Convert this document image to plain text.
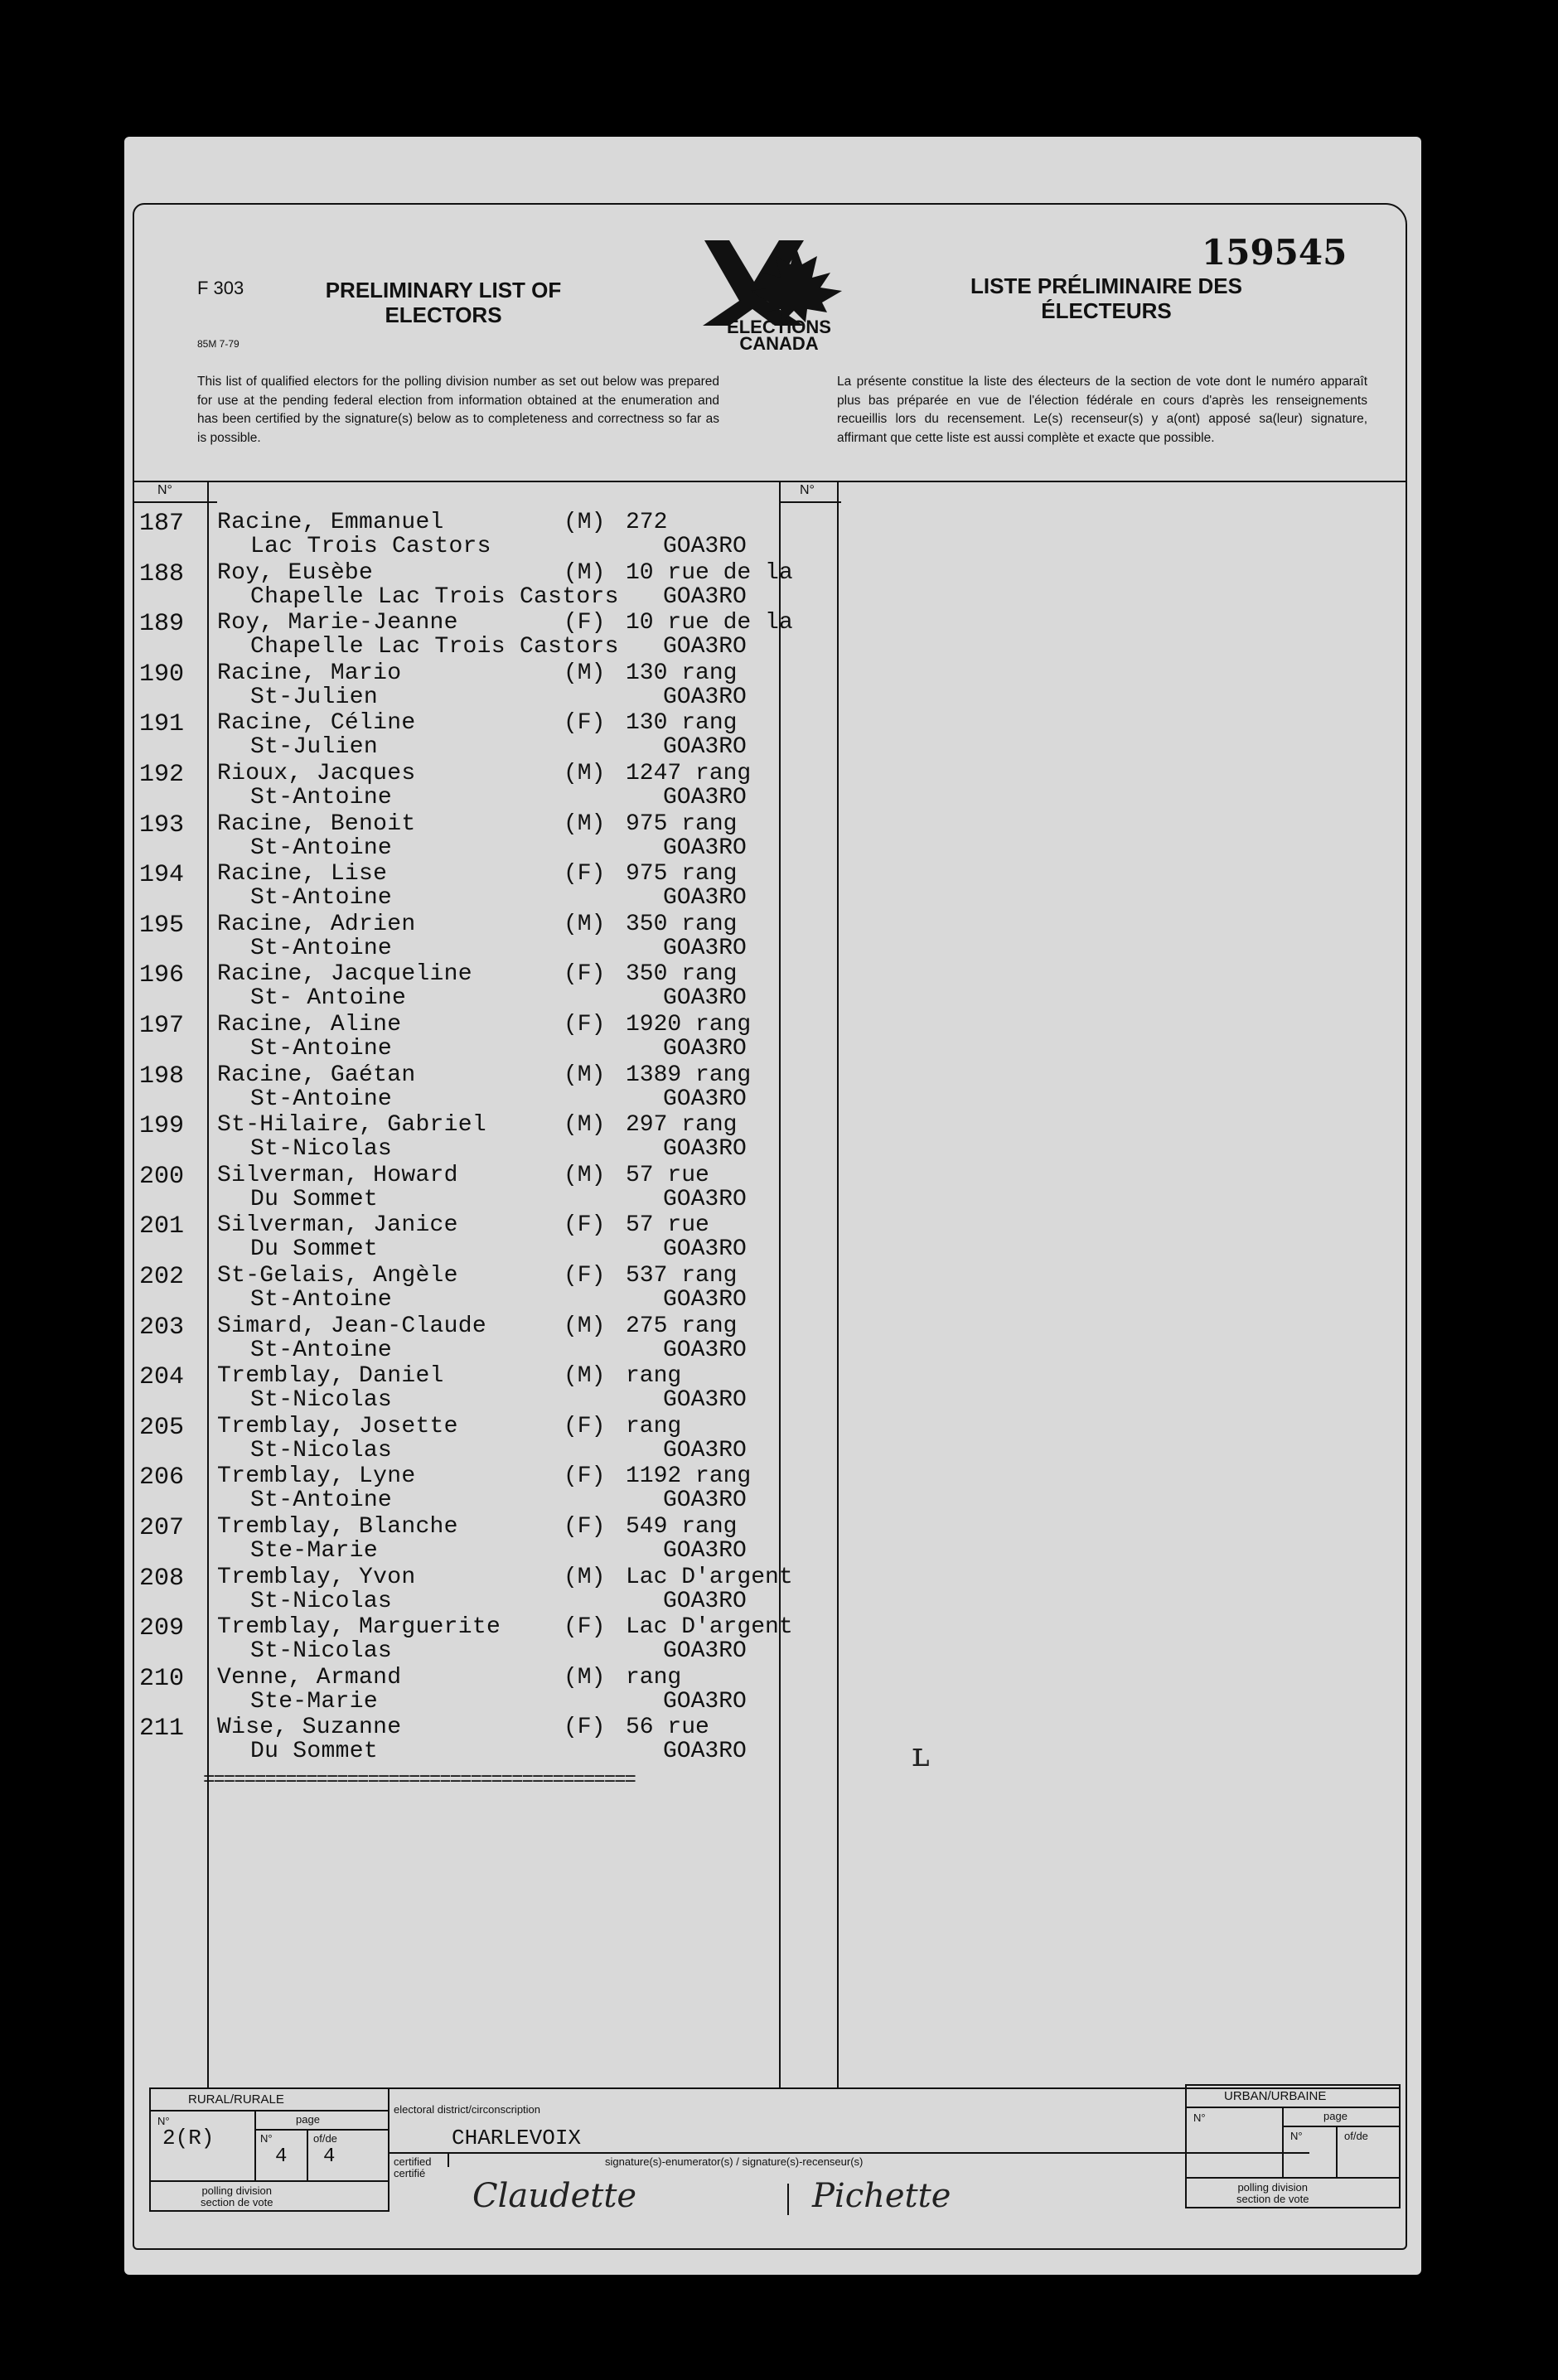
F 303
85M 7-79
PRELIMINARY LIST OF
ELECTORS	ELECTIONS
CANADA
159545
LISTE PRÉLIMINAIRE DES
ÉLECTEURS
This list of qualified electors for the polling division number as set out below was prepared for use at the pending federal election from information obtained at the enumeration and has been certified by the signature(s) below as to completeness and correctness so far as is possible.
La présente constitue la liste des électeurs de la section de vote dont le numéro apparaît plus bas préparée en vue de l'élection fédérale en cours d'après les renseignements recueillis lors du recensement. Le(s) recenseur(s) y a(ont) apposé sa(leur) signature, affirmant que cette liste est aussi complète et exacte que possible.
N°	N°
187 Racine, Emmanuel	(M) 272
Lac Trois Castors	GOA3RO
188 Roy, Eusèbe	(M) 10 rue de la
Chapelle Lac Trois Castors GOA3RO
189 Roy, Marie-Jeanne	(F) 10 rue de la
Chapelle Lac Trois Castors GOA3RO
190 Racine, Mario	(M) 130 rang
St-Julien	GOA3RO
191 Racine, Céline	(F) 130 rang
St-Julien	GOA3RO
192 Rioux, Jacques	(M) 1247 rang
St-Antoine	GOA3RO
193 Racine, Benoit	(M) 975 rang
St-Antoine	GOA3RO
194 Racine, Lise	(F) 975 rang
St-Antoine	GOA3RO
195 Racine, Adrien	(M) 350 rang
St-Antoine	GOA3RO
196 Racine, Jacqueline	(F) 350 rang
St- Antoine	GOA3RO
197 Racine, Aline	(F) 1920 rang
St-Antoine	GOA3RO
198 Racine, Gaétan	(M) 1389 rang
St-Antoine	GOA3RO
199 St-Hilaire, Gabriel	(M) 297 rang
St-Nicolas	GOA3RO
200 Silverman, Howard	(M) 57 rue
Du Sommet	GOA3RO
201 Silverman, Janice	(F) 57 rue
Du Sommet	GOA3RO
202 St-Gelais, Angèle	(F) 537 rang
St-Antoine	GOA3RO
203 Simard, Jean-Claude	(M) 275 rang
St-Antoine	GOA3RO
204 Tremblay, Daniel	(M) rang
St-Nicolas	GOA3RO
205 Tremblay, Josette	(F) rang
St-Nicolas	GOA3RO
206 Tremblay, Lyne	(F) 1192 rang
St-Antoine	GOA3RO
207 Tremblay, Blanche	(F) 549 rang
Ste-Marie	GOA3RO
208 Tremblay, Yvon	(M) Lac D'argent
St-Nicolas	GOA3RO
209 Tremblay, Marguerite	(F) Lac D'argent
St-Nicolas	GOA3RO
210 Venne, Armand	(M) rang
Ste-Marie	GOA3RO
211 Wise, Suzanne	(F) 56 rue
Du Sommet	GOA3RO
==========================================
RURAL/RURALE
N°
2(R)
page
N°
4
of/de
4
polling division
section de vote
electoral district/circonscription
CHARLEVOIX
certified
certifié
signature(s)-enumerator(s) / signature(s)-recenseur(s)
Claudette	Pichette
URBAN/URBAINE
N°	page
N°	of/de
polling division
section de vote
ʟ
